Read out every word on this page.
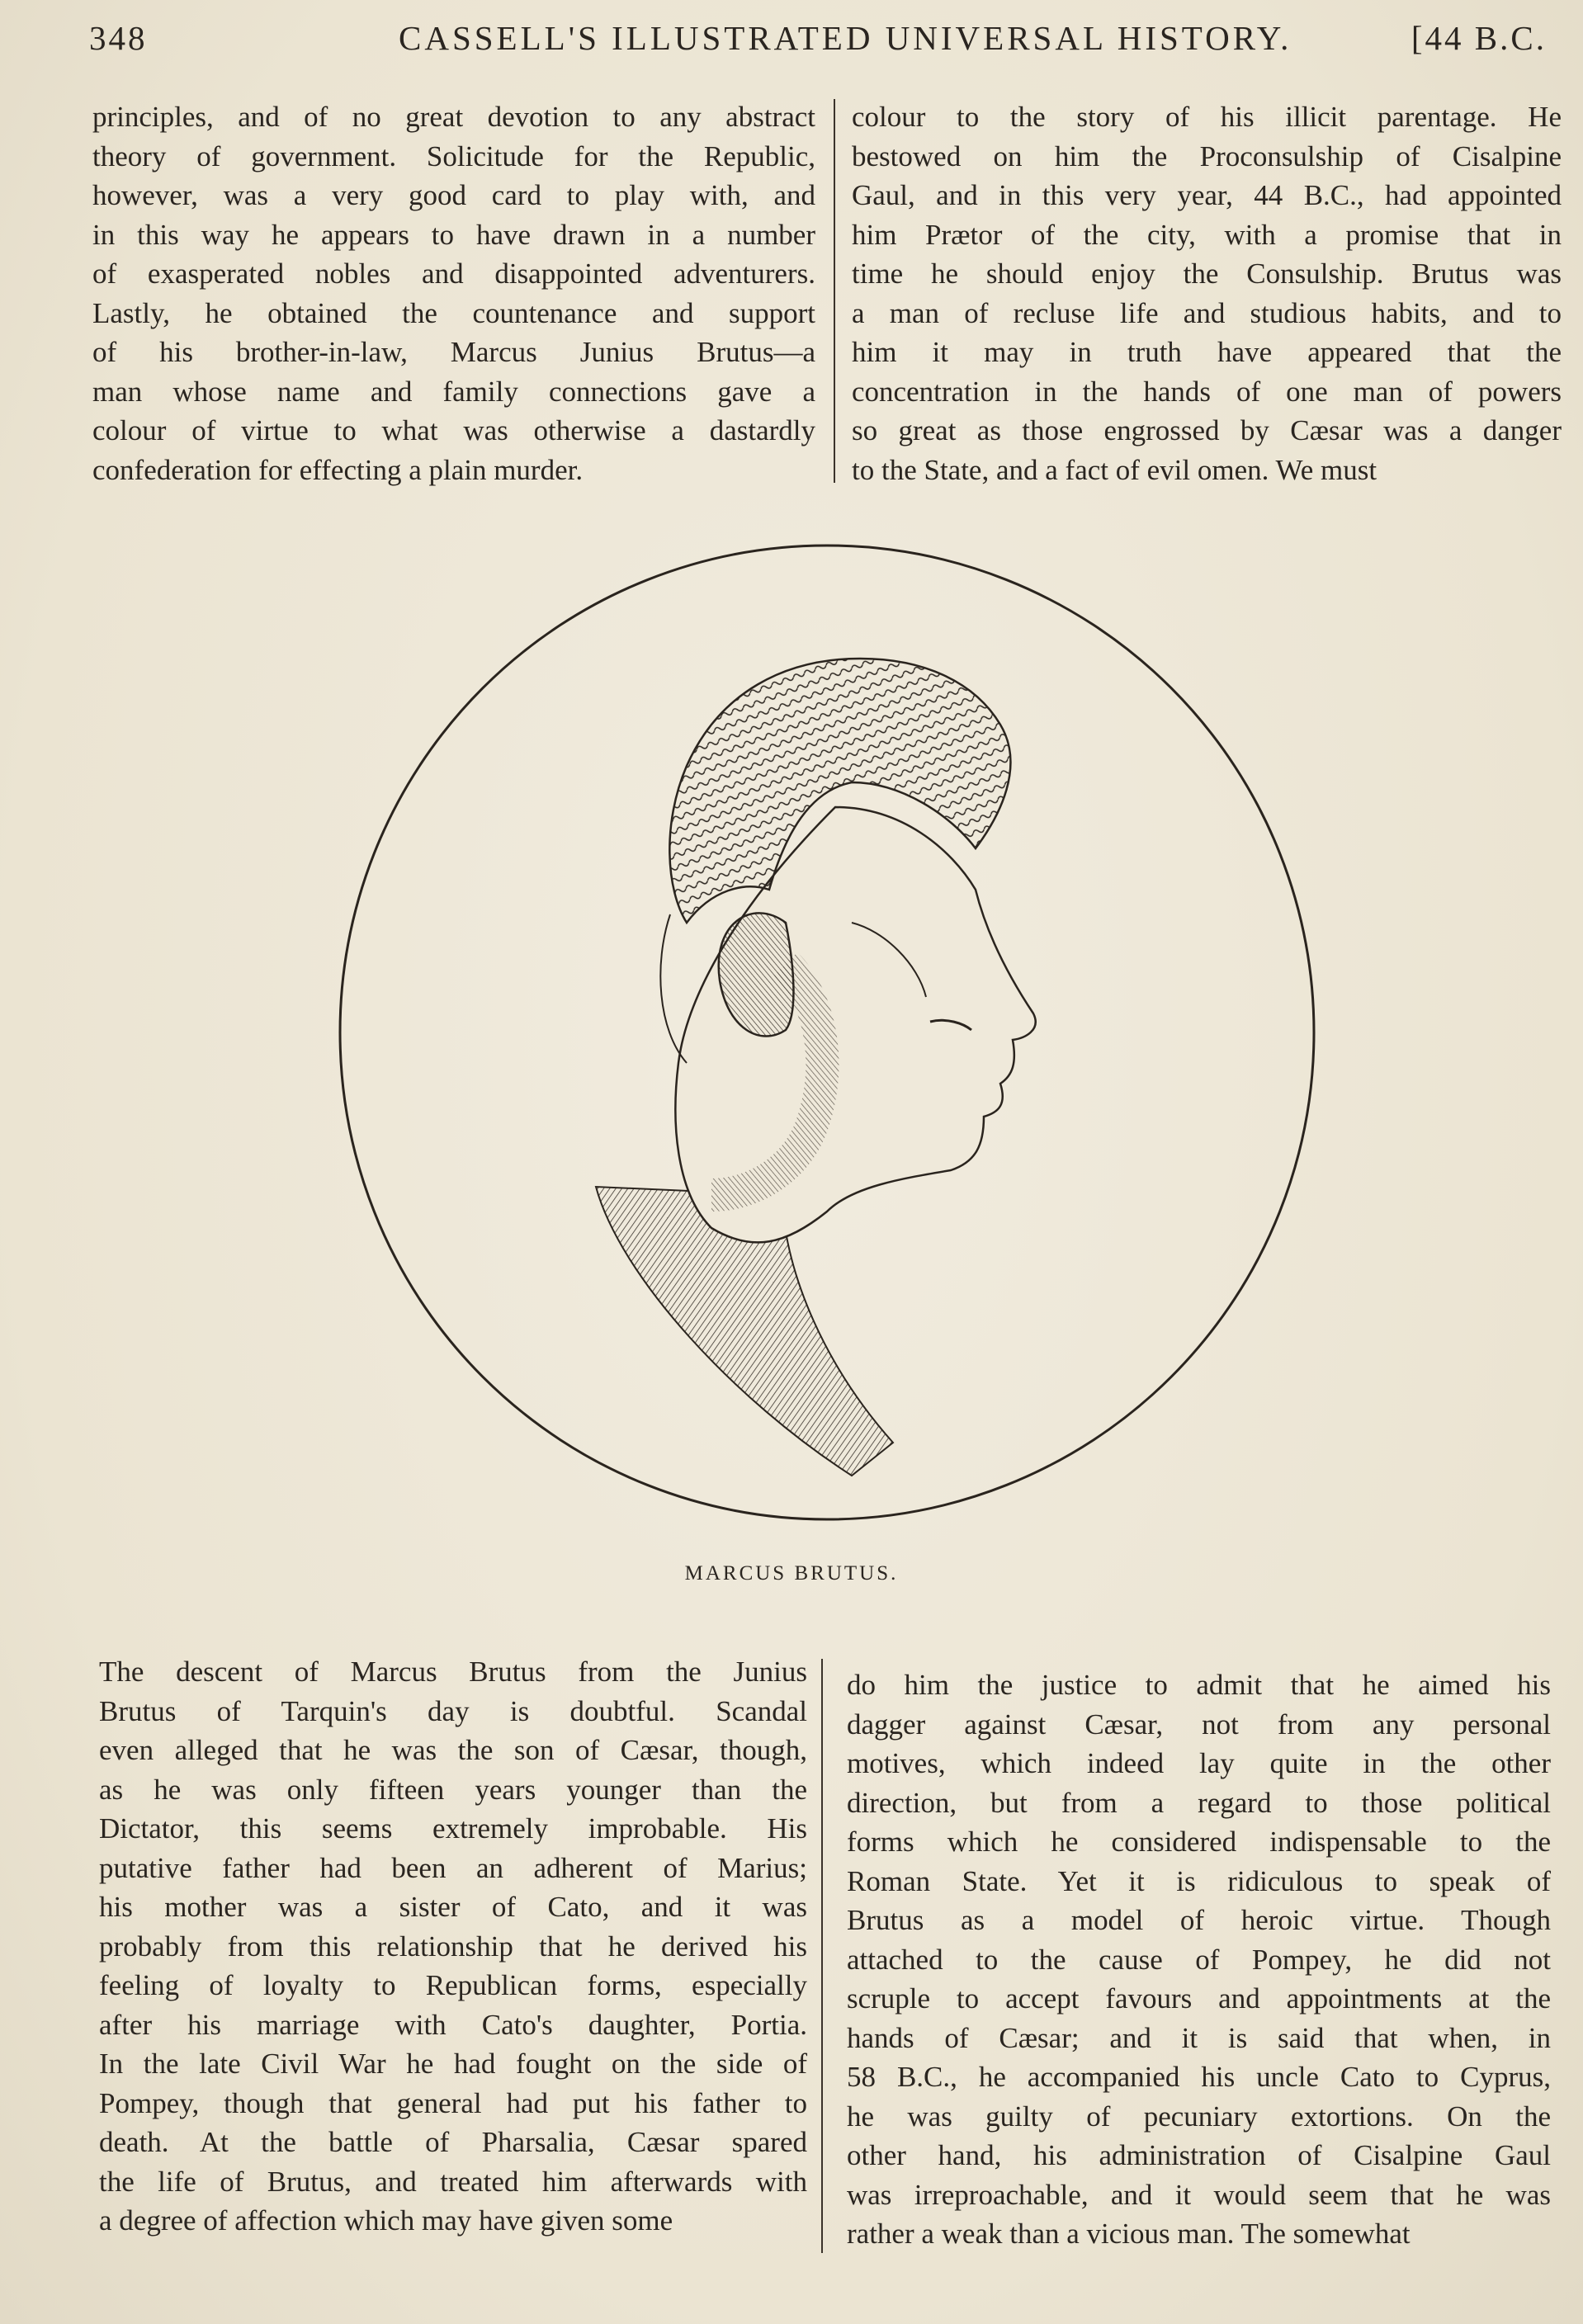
348	CASSELL'S ILLUSTRATED UNIVERSAL HISTORY.	[44 B.C.
principles, and of no great devotion to any abstract
theory of government. Solicitude for the Republic,
however, was a very good card to play with, and
in this way he appears to have drawn in a number
of exasperated nobles and disappointed adventurers.
Lastly, he obtained the countenance and support
of his brother-in-law, Marcus Junius Brutus—a
man whose name and family connections gave a
colour of virtue to what was otherwise a dastardly
confederation for effecting a plain murder.
colour to the story of his illicit parentage. He
bestowed on him the Proconsulship of Cisalpine
Gaul, and in this very year, 44 B.C., had appointed
him Prætor of the city, with a promise that in
time he should enjoy the Consulship. Brutus was
a man of recluse life and studious habits, and to
him it may in truth have appeared that the
concentration in the hands of one man of powers
so great as those engrossed by Cæsar was a danger
to the State, and a fact of evil omen. We must
MARCUS BRUTUS.
The descent of Marcus Brutus from the Junius
Brutus of Tarquin's day is doubtful. Scandal
even alleged that he was the son of Cæsar, though,
as he was only fifteen years younger than the
Dictator, this seems extremely improbable. His
putative father had been an adherent of Marius;
his mother was a sister of Cato, and it was
probably from this relationship that he derived his
feeling of loyalty to Republican forms, especially
after his marriage with Cato's daughter, Portia.
In the late Civil War he had fought on the side of
Pompey, though that general had put his father to
death. At the battle of Pharsalia, Cæsar spared
the life of Brutus, and treated him afterwards with
a degree of affection which may have given some
do him the justice to admit that he aimed his
dagger against Cæsar, not from any personal
motives, which indeed lay quite in the other
direction, but from a regard to those political
forms which he considered indispensable to the
Roman State. Yet it is ridiculous to speak of
Brutus as a model of heroic virtue. Though
attached to the cause of Pompey, he did not
scruple to accept favours and appointments at the
hands of Cæsar; and it is said that when, in
58 B.C., he accompanied his uncle Cato to Cyprus,
he was guilty of pecuniary extortions. On the
other hand, his administration of Cisalpine Gaul
was irreproachable, and it would seem that he was
rather a weak than a vicious man. The somewhat
